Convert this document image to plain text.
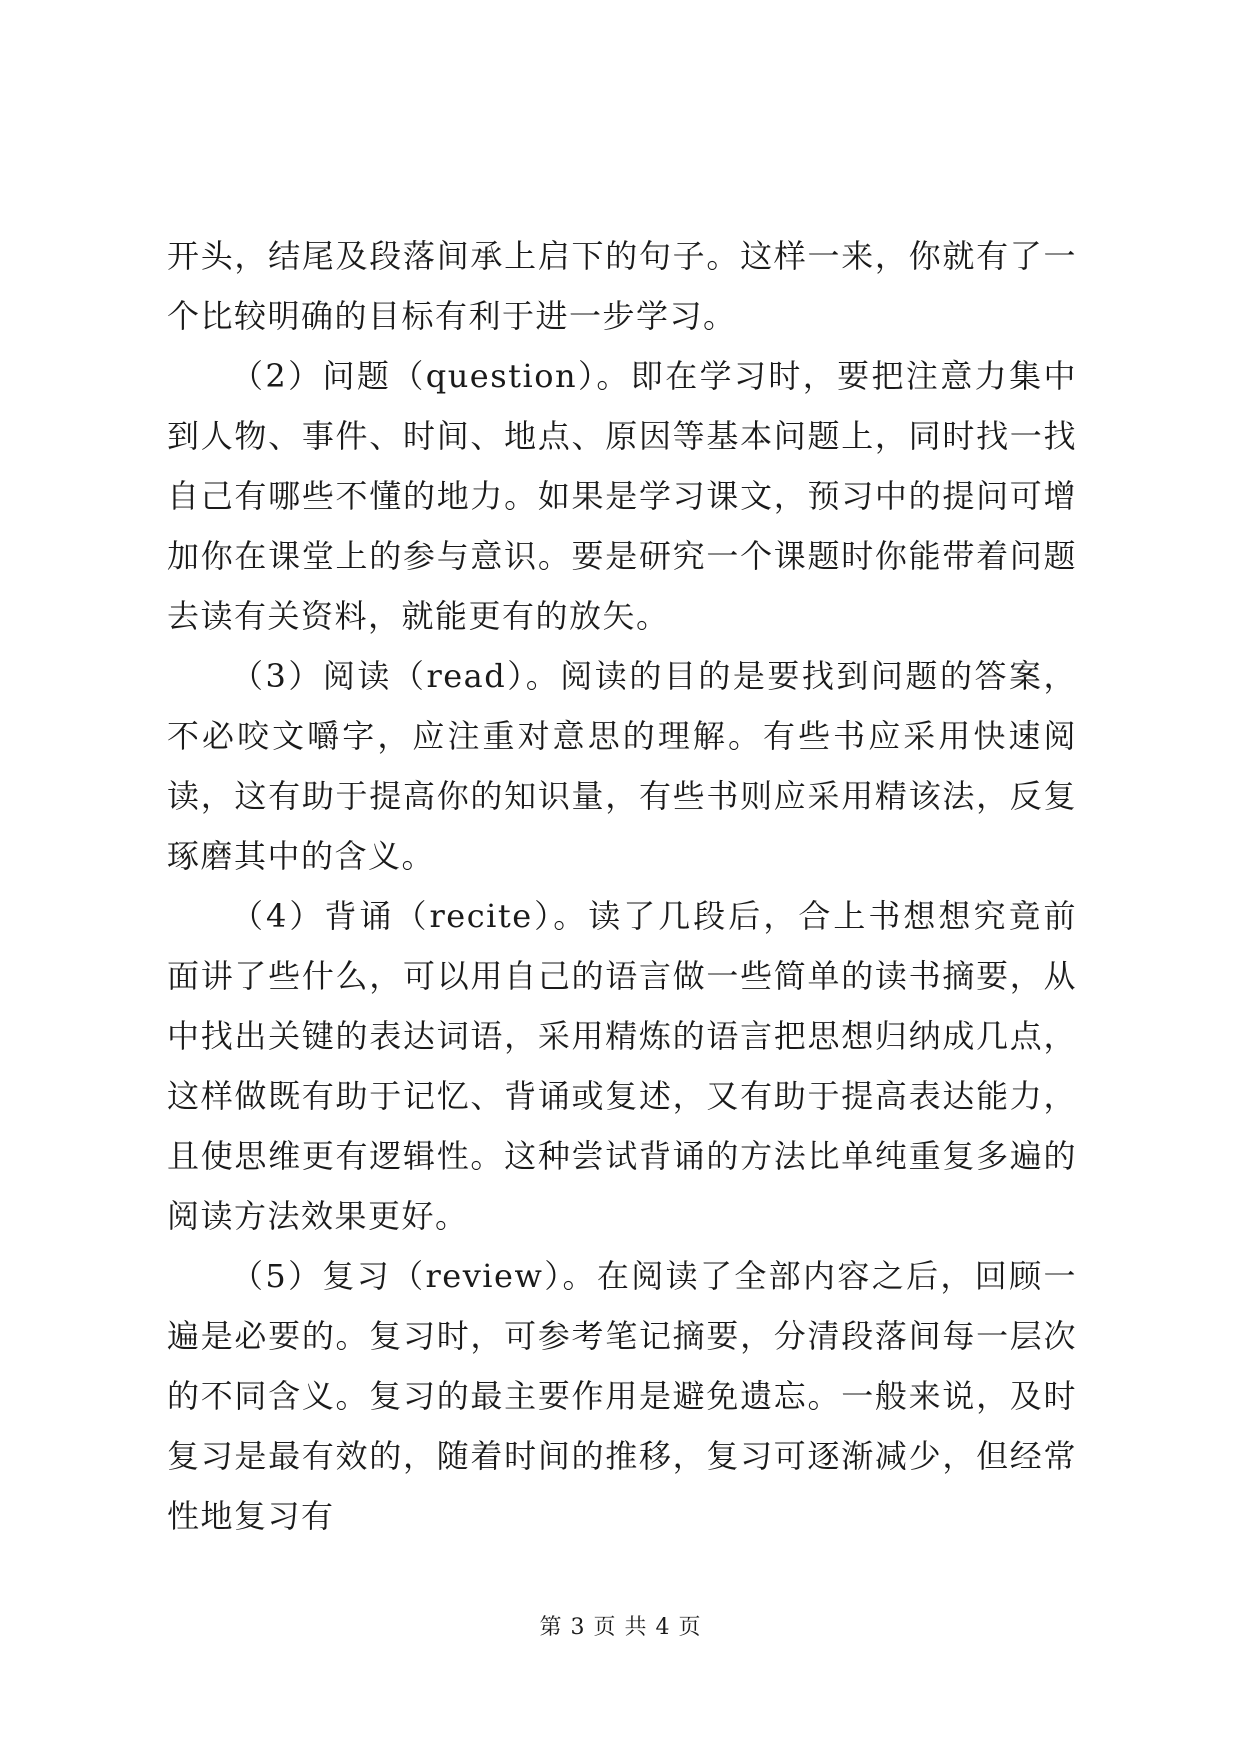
开头，结尾及段落间承上启下的句子。这样一来，你就有了一个比较明确的目标有利于进一步学习。

（2）问题（question）。即在学习时，要把注意力集中到人物、事件、时间、地点、原因等基本问题上，同时找一找自己有哪些不懂的地力。如果是学习课文，预习中的提问可增加你在课堂上的参与意识。要是研究一个课题时你能带着问题去读有关资料，就能更有的放矢。

（3）阅读（read）。阅读的目的是要找到问题的答案，不必咬文嚼字，应注重对意思的理解。有些书应采用快速阅读，这有助于提高你的知识量，有些书则应采用精该法，反复琢磨其中的含义。

（4）背诵（recite）。读了几段后，合上书想想究竟前面讲了些什么，可以用自己的语言做一些简单的读书摘要，从中找出关键的表达词语，采用精炼的语言把思想归纳成几点，这样做既有助于记忆、背诵或复述，又有助于提高表达能力，且使思维更有逻辑性。这种尝试背诵的方法比单纯重复多遍的阅读方法效果更好。

（5）复习（review）。在阅读了全部内容之后，回顾一遍是必要的。复习时，可参考笔记摘要，分清段落间每一层次的不同含义。复习的最主要作用是避免遗忘。一般来说，及时复习是最有效的，随着时间的推移，复习可逐渐减少，但经常性地复习有

第 3 页 共 4 页
